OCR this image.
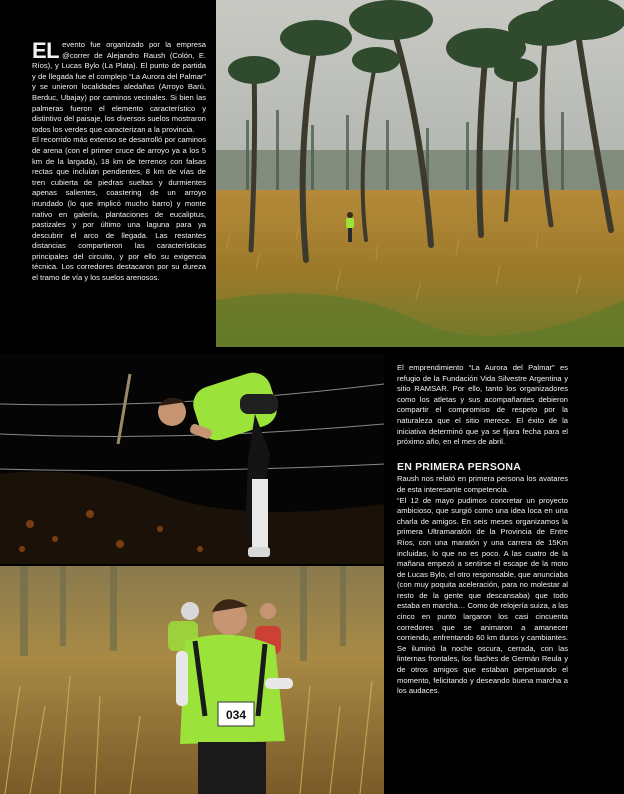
034

EL evento fue organizado por la empresa @correr de Alejandro Raush (Colón, E. Ríos), y Lucas Bylo (La Plata). El punto de partida y de llegada fue el complejo “La Aurora del Palmar” y se unieron localidades aledañas (Arroyo Barú, Berduc, Ubajay) por caminos vecinales. Si bien las palmeras fueron el elemento característico y distintivo del paisaje, los diversos suelos mostraron todos los verdes que caracterizan a la provincia.

El recorrido más extenso se desarrolló por caminos de arena (con el primer cruce de arroyo ya a los 5 km de la largada), 18 km de terrenos con falsas rectas que incluían pendientes, 8 km de vías de tren cubierta de piedras sueltas y durmientes apenas salientes, coastering de un arroyo inundado (lo que implicó mucho barro) y monte nativo en galería, plantaciones de eucaliptus, pastizales y por último una laguna para ya descubrir el arco de llegada. Las restantes distancias compartieron las características principales del circuito, y por ello su exigencia técnica. Los corredores destacaron por su dureza el tramo de vía y los suelos arenosos.

El emprendimiento “La Aurora del Palmar” es refugio de la Fundación Vida Silvestre Argentina y sitio RAMSAR. Por ello, tanto los organizadores como los atletas y sus acompañantes debieron compartir el compromiso de respeto por la naturaleza que el sitio merece. El éxito de la iniciativa determinó que ya se fijara fecha para el próximo año, en el mes de abril.

EN PRIMERA PERSONA

Raush nos relató en primera persona los avatares de esta interesante competencia.

“El 12 de mayo pudimos concretar un proyecto ambicioso, que surgió como una idea loca en una charla de amigos. En seis meses organizamos la primera Ultramaratón de la Provincia de Entre Ríos, con una maratón y una carrera de 15Km incluidas, lo que no es poco. A las cuatro de la mañana empezó a sentirse el escape de la moto de Lucas Bylo, el otro responsable, que anunciaba (con muy poquita aceleración, para no molestar al resto de la gente que descansaba) que todo estaba en marcha… Como de relojería suiza, a las cinco en punto largaron los casi cincuenta corredores que se animaron a amanecer corriendo, enfrentando 60 km duros y cambiantes. Se iluminó la noche oscura, cerrada, con las linternas frontales, los flashes de Germán Reula y de otros amigos que estaban perpetuando el momento, felicitando y deseando buena marcha a los audaces.
